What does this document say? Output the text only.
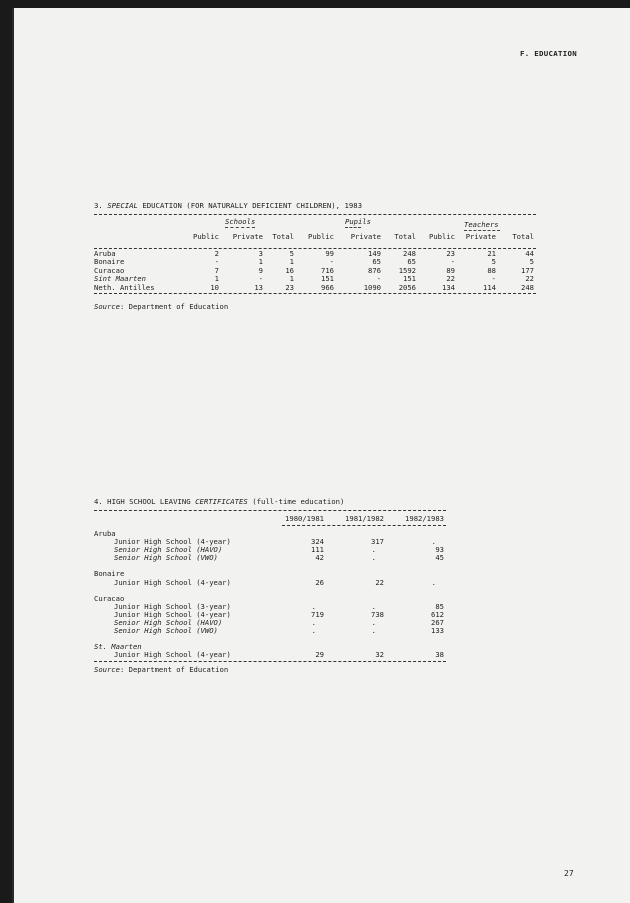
F. EDUCATION
3. SPECIAL EDUCATION (FOR NATURALLY DEFICIENT CHILDREN), 1983
Schools	Pupils	Teachers
Public Private Total Public Private Total Public Private Total
Aruba	2	3	5	99	149	248	23	21	44
Bonaire	-	1	1	-	65	65	-	5	5
Curacao	7	9	16	716	876 1592	89	88	177
Sint Maarten	1	-	1	151	-	151	22	-	22
Neth. Antilles	10	13	23	966	1090 2056	134	114	248
Source: Department of Education
4. HIGH SCHOOL LEAVING CERTIFICATES (full-time education)
1980/1981	1981/1982	1982/1983
Aruba
Junior High School (4-year)	324	317	.
Senior High School (HAVO)	111	.	93
Senior High School (VWO)	42	.	45
Bonaire
Junior High School (4-year)	26	22	.
Curacao
Junior High School (3-year)	.	.	85
Junior High School (4-year)	719	738	612
Senior High School (HAVO)	.	.	267
Senior High School (VWO)	.	.	133
St. Maarten
Junior High School (4-year)	29	32	38
Source: Department of Education
27
